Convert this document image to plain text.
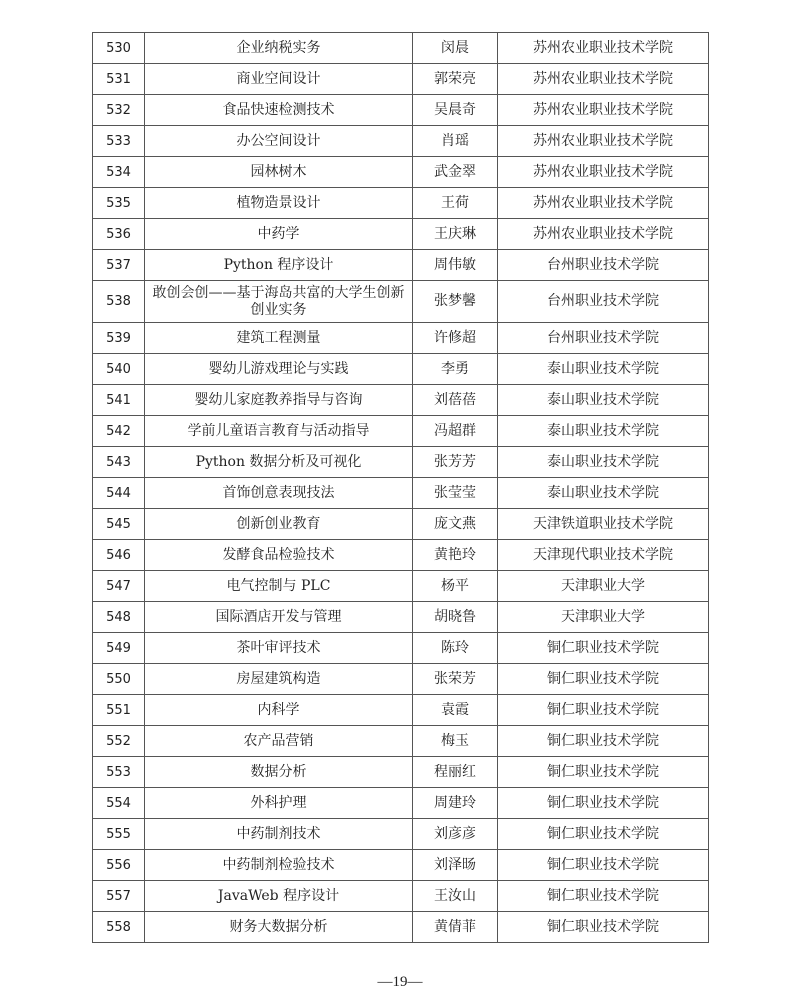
530	企业纳税实务	闵晨	苏州农业职业技术学院
531	商业空间设计	郭荣亮	苏州农业职业技术学院
532	食品快速检测技术	吴晨奇	苏州农业职业技术学院
533	办公空间设计	肖瑶	苏州农业职业技术学院
534	园林树木	武金翠	苏州农业职业技术学院
535	植物造景设计	王荷	苏州农业职业技术学院
536	中药学	王庆琳	苏州农业职业技术学院
537	Python 程序设计	周伟敏	台州职业技术学院
538	敢创会创——基于海岛共富的大学生创新创业实务	张梦馨	台州职业技术学院
539	建筑工程测量	许修超	台州职业技术学院
540	婴幼儿游戏理论与实践	李勇	泰山职业技术学院
541	婴幼儿家庭教养指导与咨询	刘蓓蓓	泰山职业技术学院
542	学前儿童语言教育与活动指导	冯超群	泰山职业技术学院
543	Python 数据分析及可视化	张芳芳	泰山职业技术学院
544	首饰创意表现技法	张莹莹	泰山职业技术学院
545	创新创业教育	庞文燕	天津铁道职业技术学院
546	发酵食品检验技术	黄艳玲	天津现代职业技术学院
547	电气控制与 PLC	杨平	天津职业大学
548	国际酒店开发与管理	胡晓鲁	天津职业大学
549	茶叶审评技术	陈玲	铜仁职业技术学院
550	房屋建筑构造	张荣芳	铜仁职业技术学院
551	内科学	袁霞	铜仁职业技术学院
552	农产品营销	梅玉	铜仁职业技术学院
553	数据分析	程丽红	铜仁职业技术学院
554	外科护理	周建玲	铜仁职业技术学院
555	中药制剂技术	刘彦彦	铜仁职业技术学院
556	中药制剂检验技术	刘泽旸	铜仁职业技术学院
557	JavaWeb 程序设计	王汝山	铜仁职业技术学院
558	财务大数据分析	黄倩菲	铜仁职业技术学院
—19—
